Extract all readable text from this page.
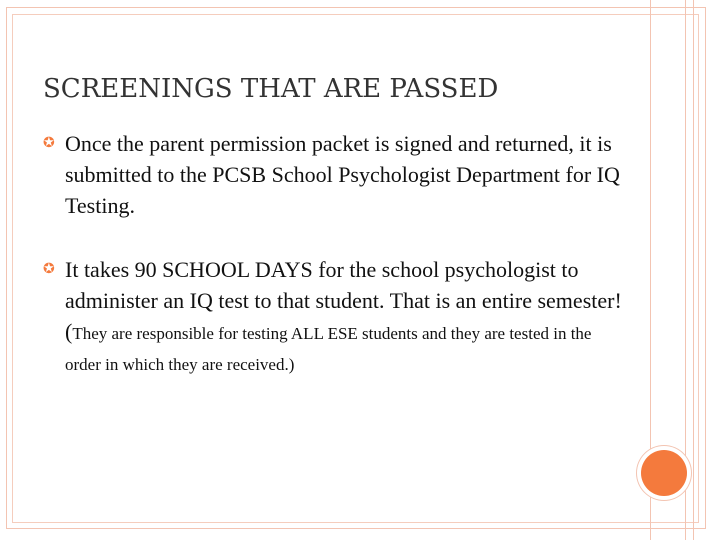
SCREENINGS THAT ARE PASSED
✪ Once the parent permission packet is signed and returned, it is submitted to the PCSB School Psychologist Department for IQ Testing.
✪ It takes 90 SCHOOL DAYS for the school psychologist to administer an IQ test to that student. That is an entire semester! (They are responsible for testing ALL ESE students and they are tested in the order in which they are received.)
